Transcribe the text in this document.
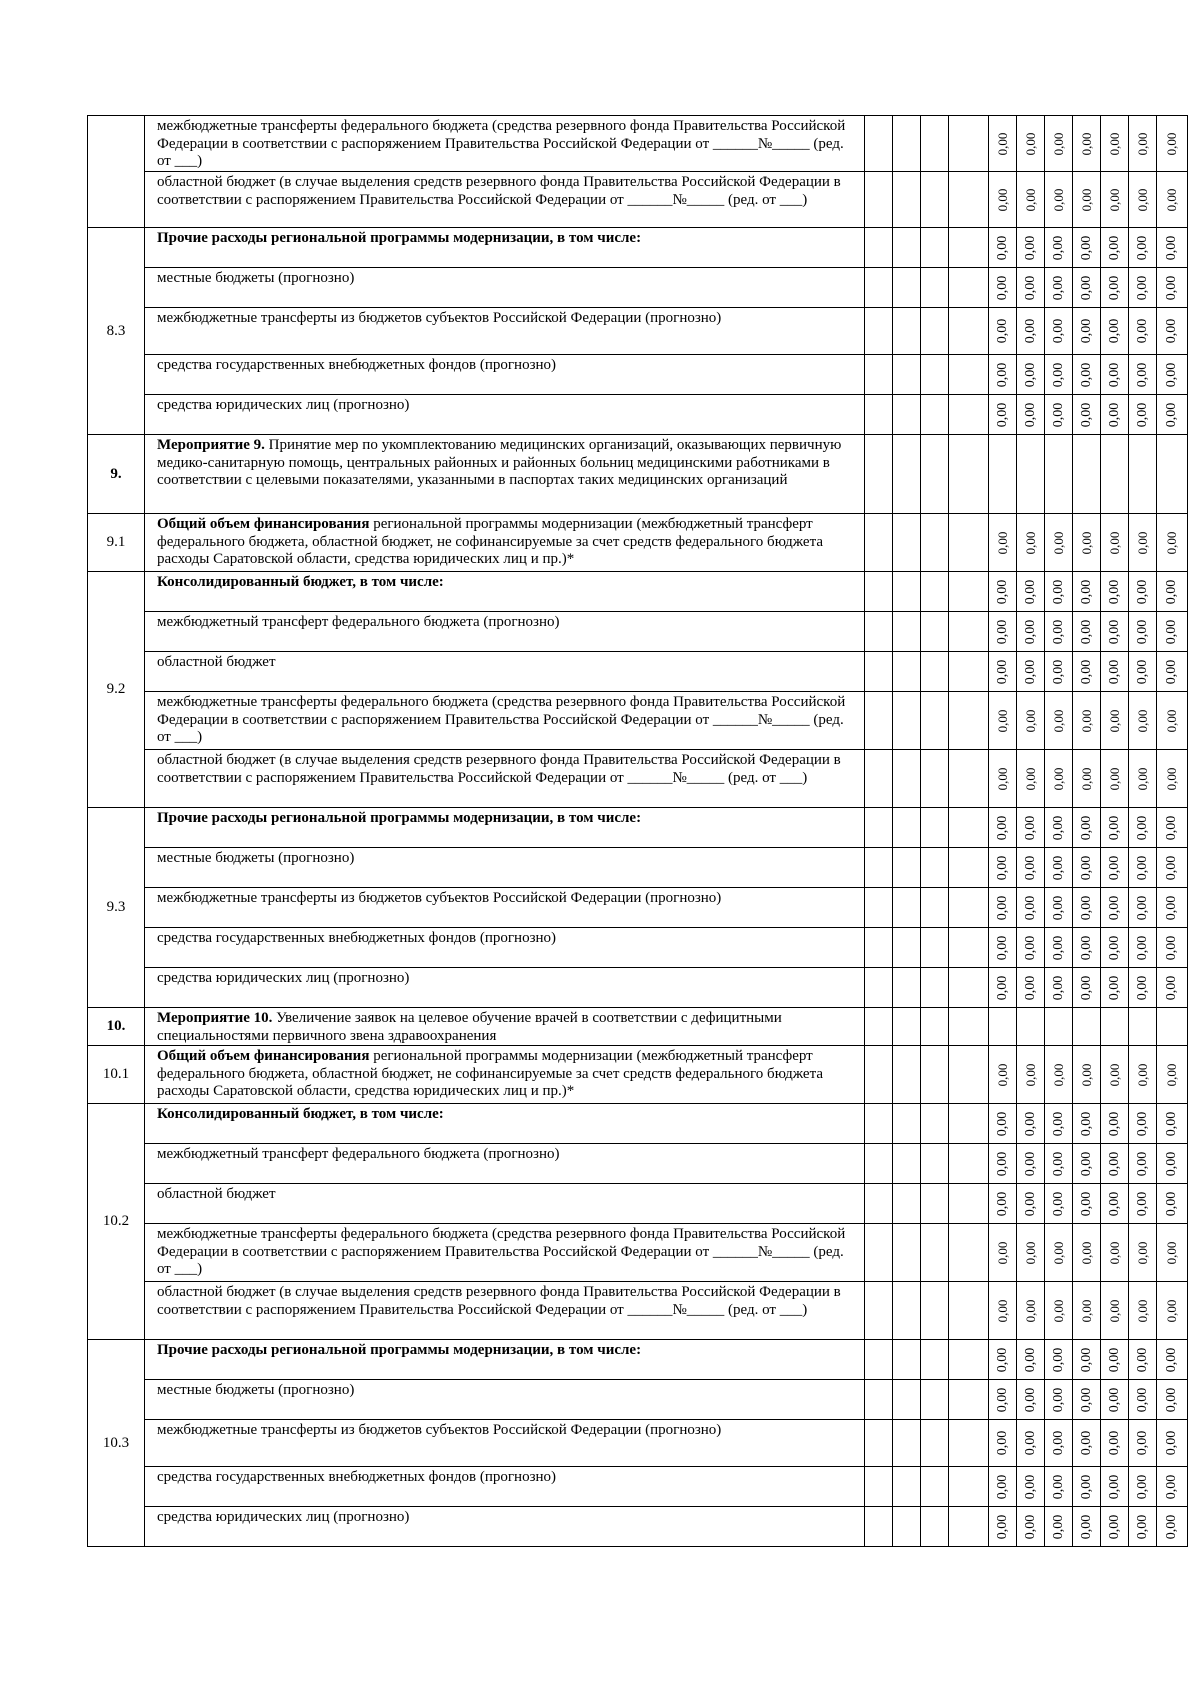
	межбюджетные трансферты федерального бюджета (средства резервного фонда Правительства Российской Федерации в соответствии с распоряжением Правительства Российской Федерации от ______№_____ (ред. от ___)					0,00	0,00	0,00	0,00	0,00	0,00	0,00

	областной бюджет (в случае выделения средств резервного фонда Правительства Российской Федерации в соответствии с распоряжением Правительства Российской Федерации от ______№_____ (ред. от ___)					0,00	0,00	0,00	0,00	0,00	0,00	0,00

8.3	Прочие расходы региональной программы модернизации, в том числе:					0,00	0,00	0,00	0,00	0,00	0,00	0,00

	местные бюджеты (прогнозно)					0,00	0,00	0,00	0,00	0,00	0,00	0,00

	межбюджетные трансферты из бюджетов субъектов Российской Федерации (прогнозно)					0,00	0,00	0,00	0,00	0,00	0,00	0,00

	средства государственных внебюджетных фондов (прогнозно)					0,00	0,00	0,00	0,00	0,00	0,00	0,00

	средства юридических лиц (прогнозно)					0,00	0,00	0,00	0,00	0,00	0,00	0,00

9.	Мероприятие 9. Принятие мер по укомплектованию медицинских организаций, оказывающих первичную медико-санитарную помощь, центральных районных и районных больниц медицинскими работниками в соответствии с целевыми показателями, указанными в паспортах таких медицинских организаций											
9.1	Общий объем финансирования региональной программы модернизации (межбюджетный трансферт федерального бюджета, областной бюджет, не софинансируемые за счет средств федерального бюджета расходы Саратовской области, средства юридических лиц и пр.)*					0,00	0,00	0,00	0,00	0,00	0,00	0,00

9.2	Консолидированный бюджет, в том числе:					0,00	0,00	0,00	0,00	0,00	0,00	0,00

	межбюджетный трансферт федерального бюджета (прогнозно)					0,00	0,00	0,00	0,00	0,00	0,00	0,00

	областной бюджет					0,00	0,00	0,00	0,00	0,00	0,00	0,00

	межбюджетные трансферты федерального бюджета (средства резервного фонда Правительства Российской Федерации в соответствии с распоряжением Правительства Российской Федерации от ______№_____ (ред. от ___)					0,00	0,00	0,00	0,00	0,00	0,00	0,00

	областной бюджет (в случае выделения средств резервного фонда Правительства Российской Федерации в соответствии с распоряжением Правительства Российской Федерации от ______№_____ (ред. от ___)					0,00	0,00	0,00	0,00	0,00	0,00	0,00

9.3	Прочие расходы региональной программы модернизации, в том числе:					0,00	0,00	0,00	0,00	0,00	0,00	0,00

	местные бюджеты (прогнозно)					0,00	0,00	0,00	0,00	0,00	0,00	0,00

	межбюджетные трансферты из бюджетов субъектов Российской Федерации (прогнозно)					0,00	0,00	0,00	0,00	0,00	0,00	0,00

	средства государственных внебюджетных фондов (прогнозно)					0,00	0,00	0,00	0,00	0,00	0,00	0,00

	средства юридических лиц (прогнозно)					0,00	0,00	0,00	0,00	0,00	0,00	0,00

10.	Мероприятие 10. Увеличение заявок на целевое обучение врачей в соответствии с дефицитными специальностями первичного звена здравоохранения											
10.1	Общий объем финансирования региональной программы модернизации (межбюджетный трансферт федерального бюджета, областной бюджет, не софинансируемые за счет средств федерального бюджета расходы Саратовской области, средства юридических лиц и пр.)*					0,00	0,00	0,00	0,00	0,00	0,00	0,00

10.2	Консолидированный бюджет, в том числе:					0,00	0,00	0,00	0,00	0,00	0,00	0,00

	межбюджетный трансферт федерального бюджета (прогнозно)					0,00	0,00	0,00	0,00	0,00	0,00	0,00

	областной бюджет					0,00	0,00	0,00	0,00	0,00	0,00	0,00

	межбюджетные трансферты федерального бюджета (средства резервного фонда Правительства Российской Федерации в соответствии с распоряжением Правительства Российской Федерации от ______№_____ (ред. от ___)					0,00	0,00	0,00	0,00	0,00	0,00	0,00

	областной бюджет (в случае выделения средств резервного фонда Правительства Российской Федерации в соответствии с распоряжением Правительства Российской Федерации от ______№_____ (ред. от ___)					0,00	0,00	0,00	0,00	0,00	0,00	0,00

10.3	Прочие расходы региональной программы модернизации, в том числе:					0,00	0,00	0,00	0,00	0,00	0,00	0,00

	местные бюджеты (прогнозно)					0,00	0,00	0,00	0,00	0,00	0,00	0,00

	межбюджетные трансферты из бюджетов субъектов Российской Федерации (прогнозно)					0,00	0,00	0,00	0,00	0,00	0,00	0,00

	средства государственных внебюджетных фондов (прогнозно)					0,00	0,00	0,00	0,00	0,00	0,00	0,00

	средства юридических лиц (прогнозно)					0,00	0,00	0,00	0,00	0,00	0,00	0,00
